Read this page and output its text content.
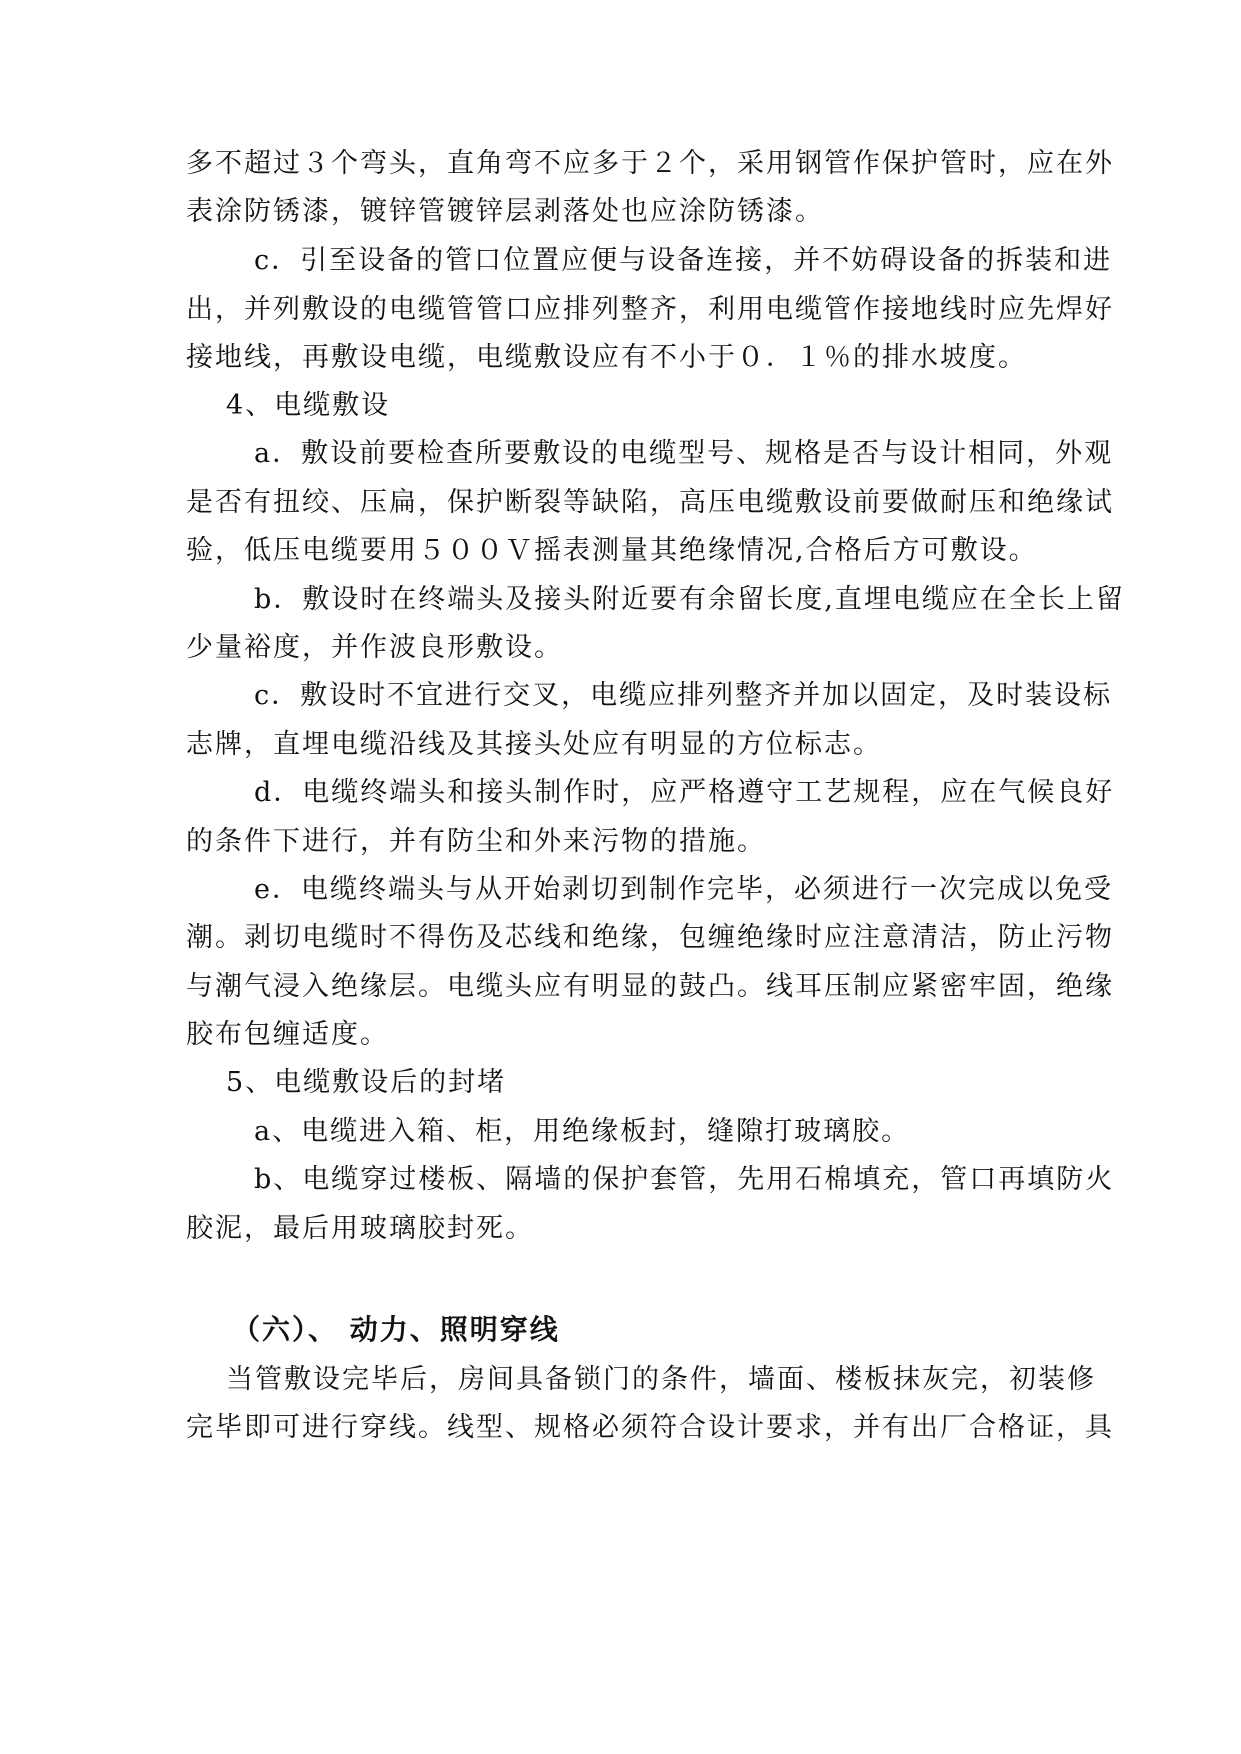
多不超过３个弯头，直角弯不应多于２个，采用钢管作保护管时，应在外
表涂防锈漆，镀锌管镀锌层剥落处也应涂防锈漆。
c．引至设备的管口位置应便与设备连接，并不妨碍设备的拆装和进
出，并列敷设的电缆管管口应排列整齐，利用电缆管作接地线时应先焊好
接地线，再敷设电缆，电缆敷设应有不小于０．１％的排水坡度。
4、电缆敷设
a．敷设前要检查所要敷设的电缆型号、规格是否与设计相同，外观
是否有扭绞、压扁，保护断裂等缺陷，高压电缆敷设前要做耐压和绝缘试
验，低压电缆要用５００Ｖ摇表测量其绝缘情况,合格后方可敷设。
b．敷设时在终端头及接头附近要有余留长度,直埋电缆应在全长上留
少量裕度，并作波良形敷设。
c．敷设时不宜进行交叉，电缆应排列整齐并加以固定，及时装设标
志牌，直埋电缆沿线及其接头处应有明显的方位标志。
d．电缆终端头和接头制作时，应严格遵守工艺规程，应在气候良好
的条件下进行，并有防尘和外来污物的措施。
e．电缆终端头与从开始剥切到制作完毕，必须进行一次完成以免受
潮。剥切电缆时不得伤及芯线和绝缘，包缠绝缘时应注意清洁，防止污物
与潮气浸入绝缘层。电缆头应有明显的鼓凸。线耳压制应紧密牢固，绝缘
胶布包缠适度。
5、电缆敷设后的封堵
a、电缆进入箱、柜，用绝缘板封，缝隙打玻璃胶。
b、电缆穿过楼板、隔墙的保护套管，先用石棉填充，管口再填防火
胶泥，最后用玻璃胶封死。
（六）、 动力、照明穿线
当管敷设完毕后，房间具备锁门的条件，墙面、楼板抹灰完，初装修
完毕即可进行穿线。线型、规格必须符合设计要求，并有出厂合格证，具
